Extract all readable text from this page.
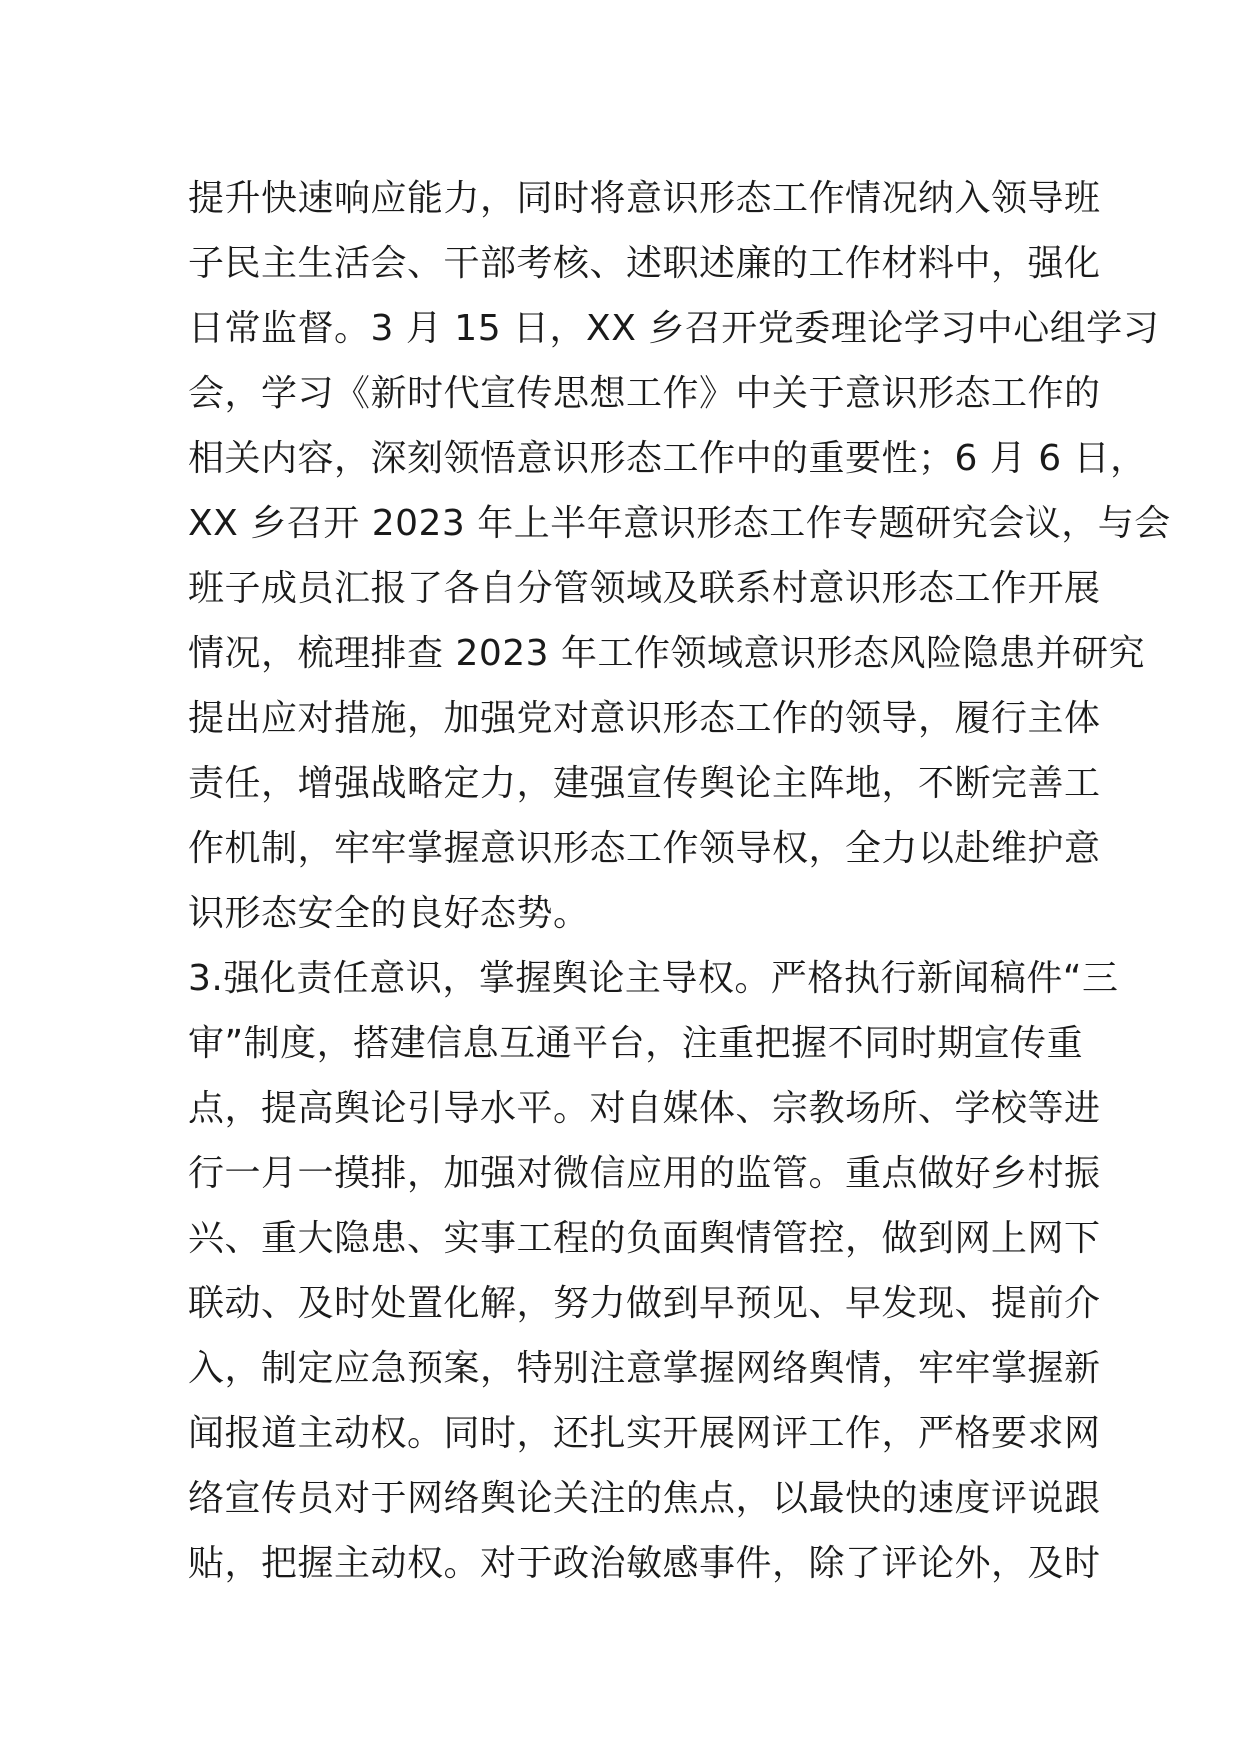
提升快速响应能力，同时将意识形态工作情况纳入领导班
子民主生活会、干部考核、述职述廉的工作材料中，强化
日常监督。3 月 15 日，XX 乡召开党委理论学习中心组学习
会，学习《新时代宣传思想工作》中关于意识形态工作的
相关内容，深刻领悟意识形态工作中的重要性；6 月 6 日，
XX 乡召开 2023 年上半年意识形态工作专题研究会议，与会
班子成员汇报了各自分管领域及联系村意识形态工作开展
情况，梳理排查 2023 年工作领域意识形态风险隐患并研究
提出应对措施，加强党对意识形态工作的领导，履行主体
责任，增强战略定力，建强宣传舆论主阵地，不断完善工
作机制，牢牢掌握意识形态工作领导权，全力以赴维护意
识形态安全的良好态势。
3.强化责任意识，掌握舆论主导权。严格执行新闻稿件“三
审”制度，搭建信息互通平台，注重把握不同时期宣传重
点，提高舆论引导水平。对自媒体、宗教场所、学校等进
行一月一摸排，加强对微信应用的监管。重点做好乡村振
兴、重大隐患、实事工程的负面舆情管控，做到网上网下
联动、及时处置化解，努力做到早预见、早发现、提前介
入，制定应急预案，特别注意掌握网络舆情，牢牢掌握新
闻报道主动权。同时，还扎实开展网评工作，严格要求网
络宣传员对于网络舆论关注的焦点，以最快的速度评说跟
贴，把握主动权。对于政治敏感事件，除了评论外，及时
